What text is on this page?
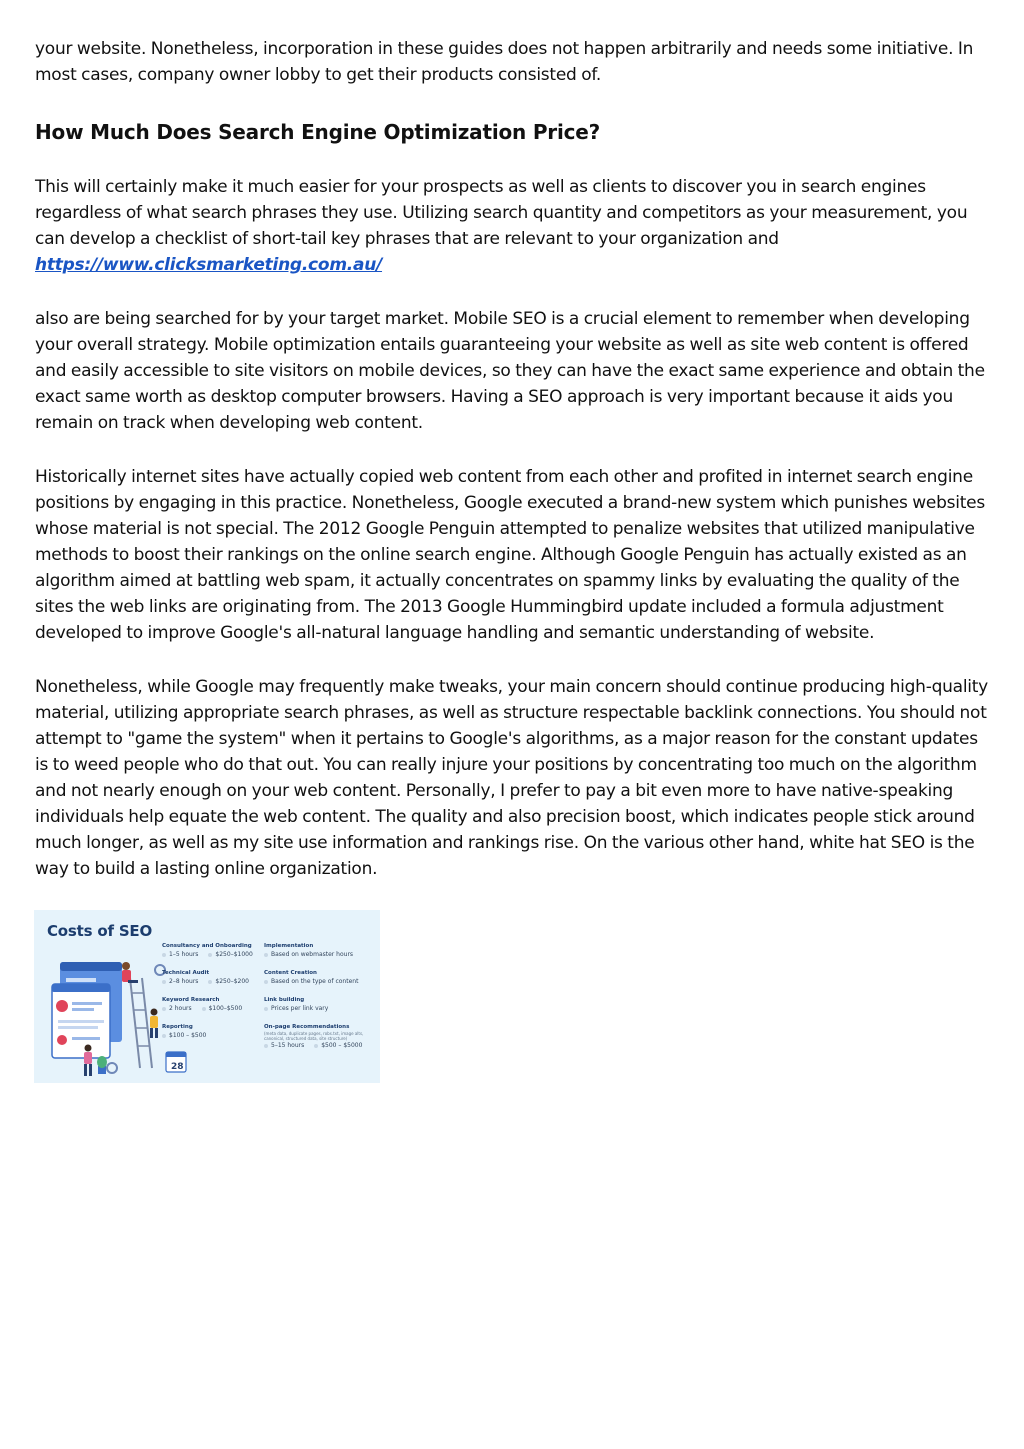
your website. Nonetheless, incorporation in these guides does not happen arbitrarily and needs some initiative. In most cases, company owner lobby to get their products consisted of.

How Much Does Search Engine Optimization Price?

This will certainly make it much easier for your prospects as well as clients to discover you in search engines regardless of what search phrases they use. Utilizing search quantity and competitors as your measurement, you can develop a checklist of short-tail key phrases that are relevant to your organization and
https://www.clicksmarketing.com.au/

also are being searched for by your target market. Mobile SEO is a crucial element to remember when developing your overall strategy. Mobile optimization entails guaranteeing your website as well as site web content is offered and easily accessible to site visitors on mobile devices, so they can have the exact same experience and obtain the exact same worth as desktop computer browsers. Having a SEO approach is very important because it aids you remain on track when developing web content.

Historically internet sites have actually copied web content from each other and profited in internet search engine positions by engaging in this practice. Nonetheless, Google executed a brand-new system which punishes websites whose material is not special. The 2012 Google Penguin attempted to penalize websites that utilized manipulative methods to boost their rankings on the online search engine. Although Google Penguin has actually existed as an algorithm aimed at battling web spam, it actually concentrates on spammy links by evaluating the quality of the sites the web links are originating from. The 2013 Google Hummingbird update included a formula adjustment developed to improve Google's all-natural language handling and semantic understanding of website.

Nonetheless, while Google may frequently make tweaks, your main concern should continue producing high-quality material, utilizing appropriate search phrases, as well as structure respectable backlink connections. You should not attempt to "game the system" when it pertains to Google's algorithms, as a major reason for the constant updates is to weed people who do that out. You can really injure your positions by concentrating too much on the algorithm and not nearly enough on your web content. Personally, I prefer to pay a bit even more to have native-speaking individuals help equate the web content. The quality and also precision boost, which indicates people stick around much longer, as well as my site use information and rankings rise. On the various other hand, white hat SEO is the way to build a lasting online organization.

Costs of SEO
28
Consultancy and Onboarding
1–5 hours	$250–$1000
Technical Audit
2–8 hours	$250–$200
Keyword Research
2 hours	$100–$500
Reporting
$100 – $500
Implementation
Based on webmaster hours
Content Creation
Based on the type of content
Link building
Prices per link vary
On-page Recommendations
(meta data, duplicate pages, robs.txt, image alts, canonical, structured data, site structure)
5–15 hours	$500 – $5000
